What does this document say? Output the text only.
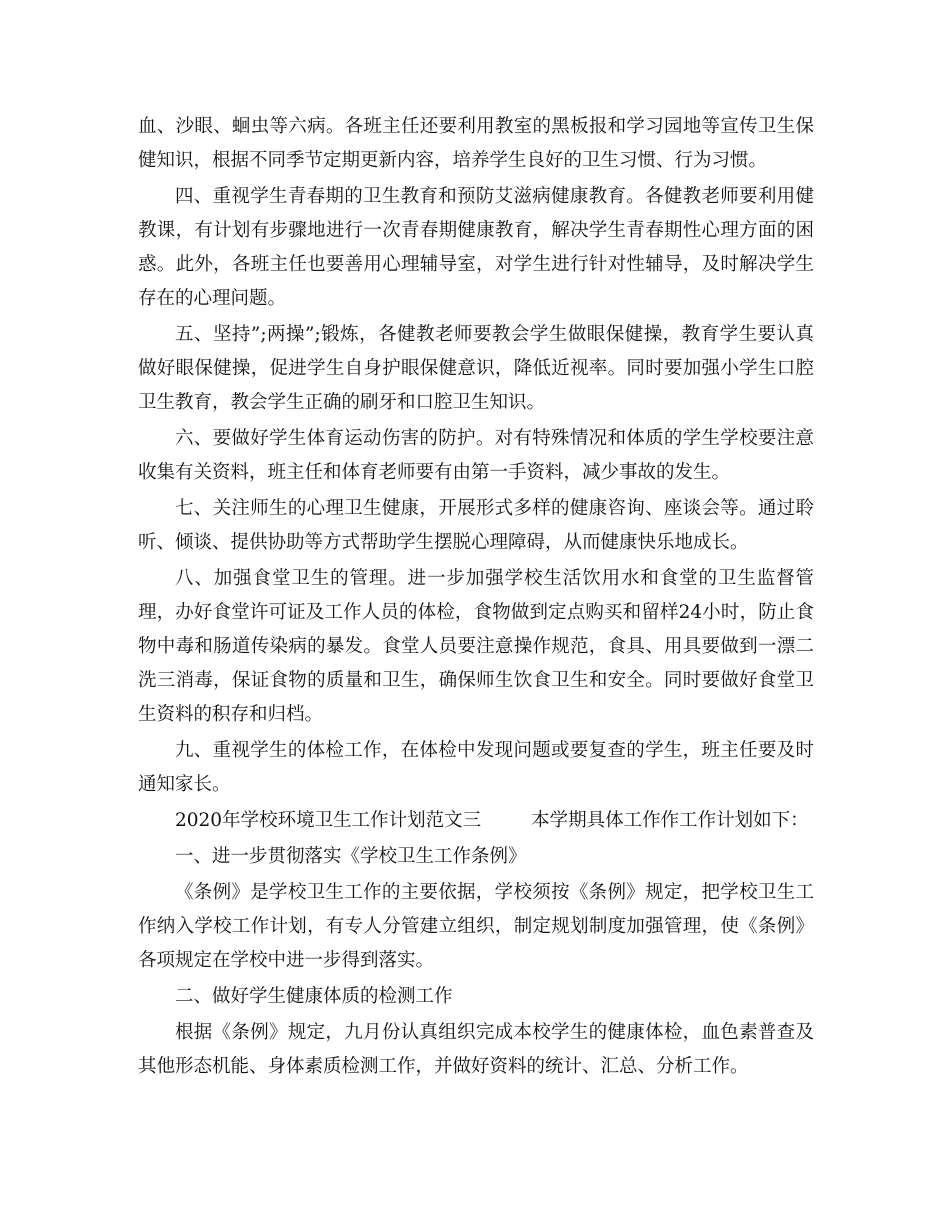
血、沙眼、蛔虫等六病。各班主任还要利用教室的黑板报和学习园地等宣传卫生保健知识，根据不同季节定期更新内容，培养学生良好的卫生习惯、行为习惯。

四、重视学生青春期的卫生教育和预防艾滋病健康教育。各健教老师要利用健教课，有计划有步骤地进行一次青春期健康教育，解决学生青春期性心理方面的困惑。此外，各班主任也要善用心理辅导室，对学生进行针对性辅导，及时解决学生存在的心理问题。

五、坚持”;两操”;锻炼，各健教老师要教会学生做眼保健操，教育学生要认真做好眼保健操，促进学生自身护眼保健意识，降低近视率。同时要加强小学生口腔卫生教育，教会学生正确的刷牙和口腔卫生知识。

六、要做好学生体育运动伤害的防护。对有特殊情况和体质的学生学校要注意收集有关资料，班主任和体育老师要有由第一手资料，减少事故的发生。

七、关注师生的心理卫生健康，开展形式多样的健康咨询、座谈会等。通过聆听、倾谈、提供协助等方式帮助学生摆脱心理障碍，从而健康快乐地成长。

八、加强食堂卫生的管理。进一步加强学校生活饮用水和食堂的卫生监督管理，办好食堂许可证及工作人员的体检，食物做到定点购买和留样24小时，防止食物中毒和肠道传染病的暴发。食堂人员要注意操作规范，食具、用具要做到一漂二洗三消毒，保证食物的质量和卫生，确保师生饮食卫生和安全。同时要做好食堂卫生资料的积存和归档。

九、重视学生的体检工作，在体检中发现问题或要复查的学生，班主任要及时通知家长。

2020年学校环境卫生工作计划范文三	本学期具体工作作工作计划如下：

一、进一步贯彻落实《学校卫生工作条例》

《条例》是学校卫生工作的主要依据，学校须按《条例》规定，把学校卫生工作纳入学校工作计划，有专人分管建立组织，制定规划制度加强管理，使《条例》各项规定在学校中进一步得到落实。

二、做好学生健康体质的检测工作

根据《条例》规定，九月份认真组织完成本校学生的健康体检，血色素普查及其他形态机能、身体素质检测工作，并做好资料的统计、汇总、分析工作。
